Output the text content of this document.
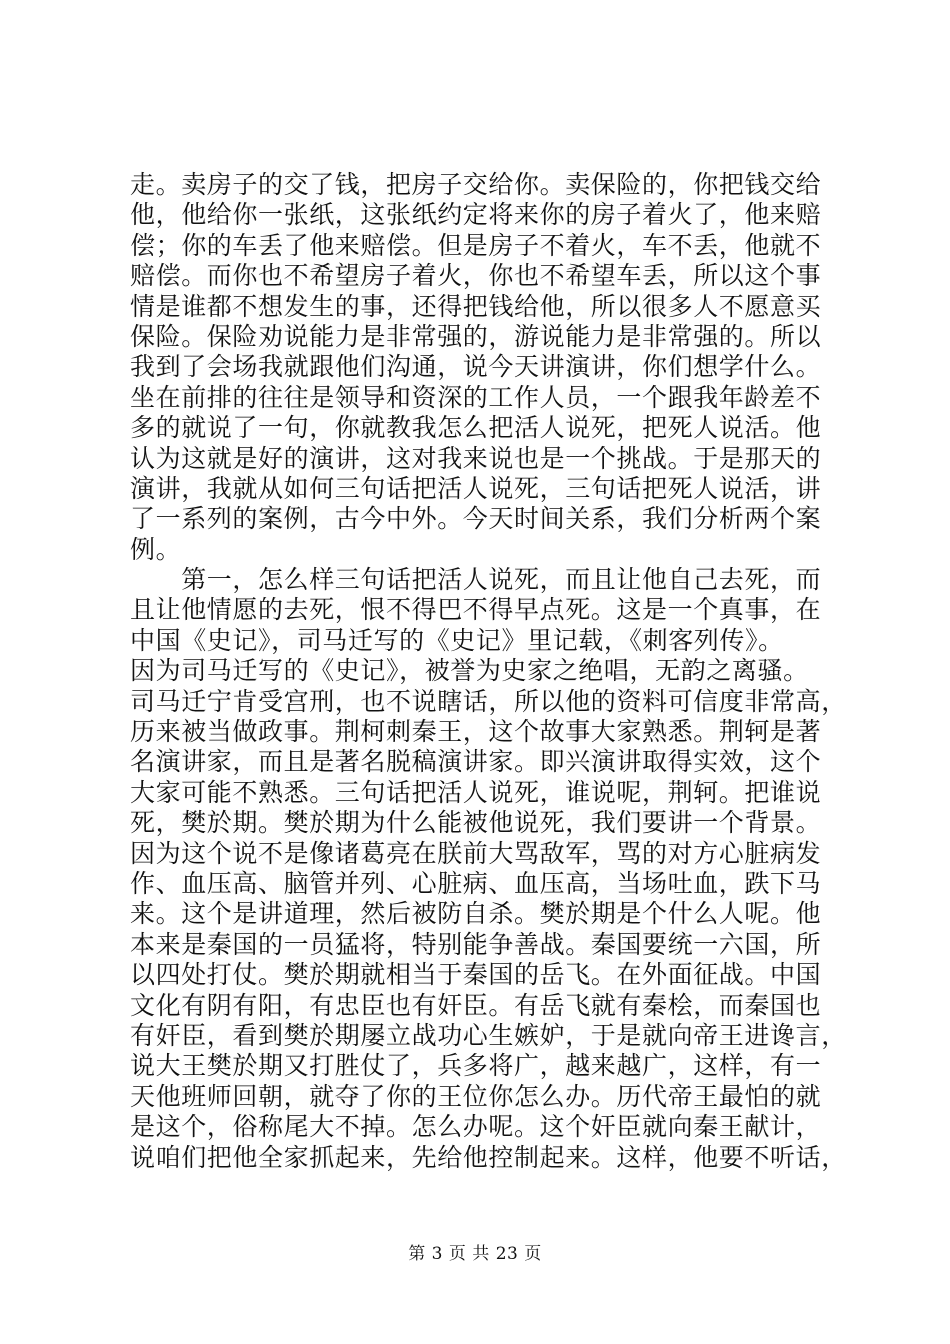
走。卖房子的交了钱，把房子交给你。卖保险的，你把钱交给
他，他给你一张纸，这张纸约定将来你的房子着火了，他来赔
偿；你的车丢了他来赔偿。但是房子不着火，车不丢，他就不
赔偿。而你也不希望房子着火，你也不希望车丢，所以这个事
情是谁都不想发生的事，还得把钱给他，所以很多人不愿意买
保险。保险劝说能力是非常强的，游说能力是非常强的。所以
我到了会场我就跟他们沟通，说今天讲演讲，你们想学什么。
坐在前排的往往是领导和资深的工作人员，一个跟我年龄差不
多的就说了一句，你就教我怎么把活人说死，把死人说活。他
认为这就是好的演讲，这对我来说也是一个挑战。于是那天的
演讲，我就从如何三句话把活人说死，三句话把死人说活，讲
了一系列的案例，古今中外。今天时间关系，我们分析两个案
例。
　　第一，怎么样三句话把活人说死，而且让他自己去死，而
且让他情愿的去死，恨不得巴不得早点死。这是一个真事，在
中国《史记》，司马迁写的《史记》里记载，《刺客列传》。
因为司马迁写的《史记》，被誉为史家之绝唱，无韵之离骚。
司马迁宁肯受宫刑，也不说瞎话，所以他的资料可信度非常高，
历来被当做政事。荆柯刺秦王，这个故事大家熟悉。荆轲是著
名演讲家，而且是著名脱稿演讲家。即兴演讲取得实效，这个
大家可能不熟悉。三句话把活人说死，谁说呢，荆轲。把谁说
死，樊於期。樊於期为什么能被他说死，我们要讲一个背景。
因为这个说不是像诸葛亮在朕前大骂敌军，骂的对方心脏病发
作、血压高、脑管并列、心脏病、血压高，当场吐血，跌下马
来。这个是讲道理，然后被防自杀。樊於期是个什么人呢。他
本来是秦国的一员猛将，特别能争善战。秦国要统一六国，所
以四处打仗。樊於期就相当于秦国的岳飞。在外面征战。中国
文化有阴有阳，有忠臣也有奸臣。有岳飞就有秦桧，而秦国也
有奸臣，看到樊於期屡立战功心生嫉妒，于是就向帝王进谗言，
说大王樊於期又打胜仗了，兵多将广，越来越广，这样，有一
天他班师回朝，就夺了你的王位你怎么办。历代帝王最怕的就
是这个，俗称尾大不掉。怎么办呢。这个奸臣就向秦王献计，
说咱们把他全家抓起来，先给他控制起来。这样，他要不听话，
第 3 页 共 23 页
